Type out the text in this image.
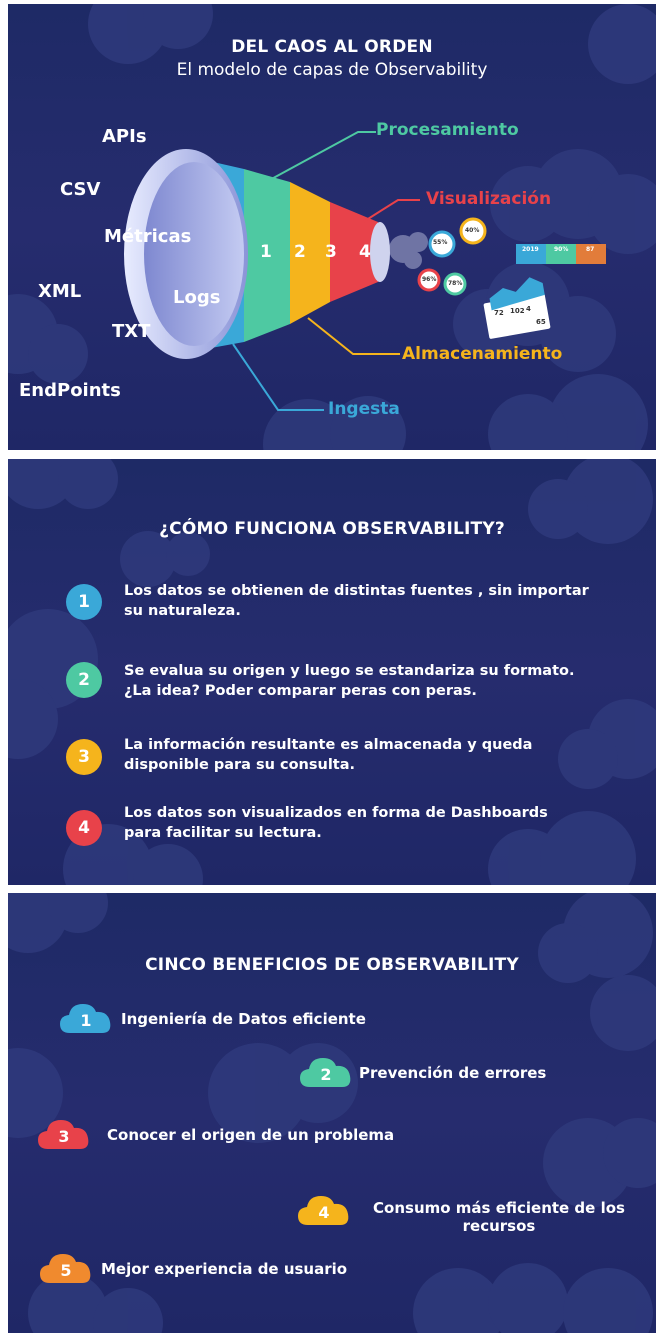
DEL CAOS AL ORDEN
El modelo de capas de Observability
55%
40%
96%
78%
2019	90%	87
72 102 4
65
1 2 3 4
APIs
CSV
Métricas
XML	Logs
TXT
EndPoints
Procesamiento
Visualización
Almacenamiento
Ingesta
¿CÓMO FUNCIONA OBSERVABILITY?
1
Los datos se obtienen de distintas fuentes , sin importar
su naturaleza.
2	Se evalua su origen y luego se estandariza su formato.
¿La idea? Poder comparar peras con peras.
3
La información resultante es almacenada y queda
disponible para su consulta.
4
Los datos son visualizados en forma de Dashboards
para facilitar su lectura.
CINCO BENEFICIOS DE OBSERVABILITY
1	Ingeniería de Datos eficiente
2	Prevención de errores
3	Conocer el origen de un problema
4	Consumo más eficiente de los
recursos
5	Mejor experiencia de usuario
